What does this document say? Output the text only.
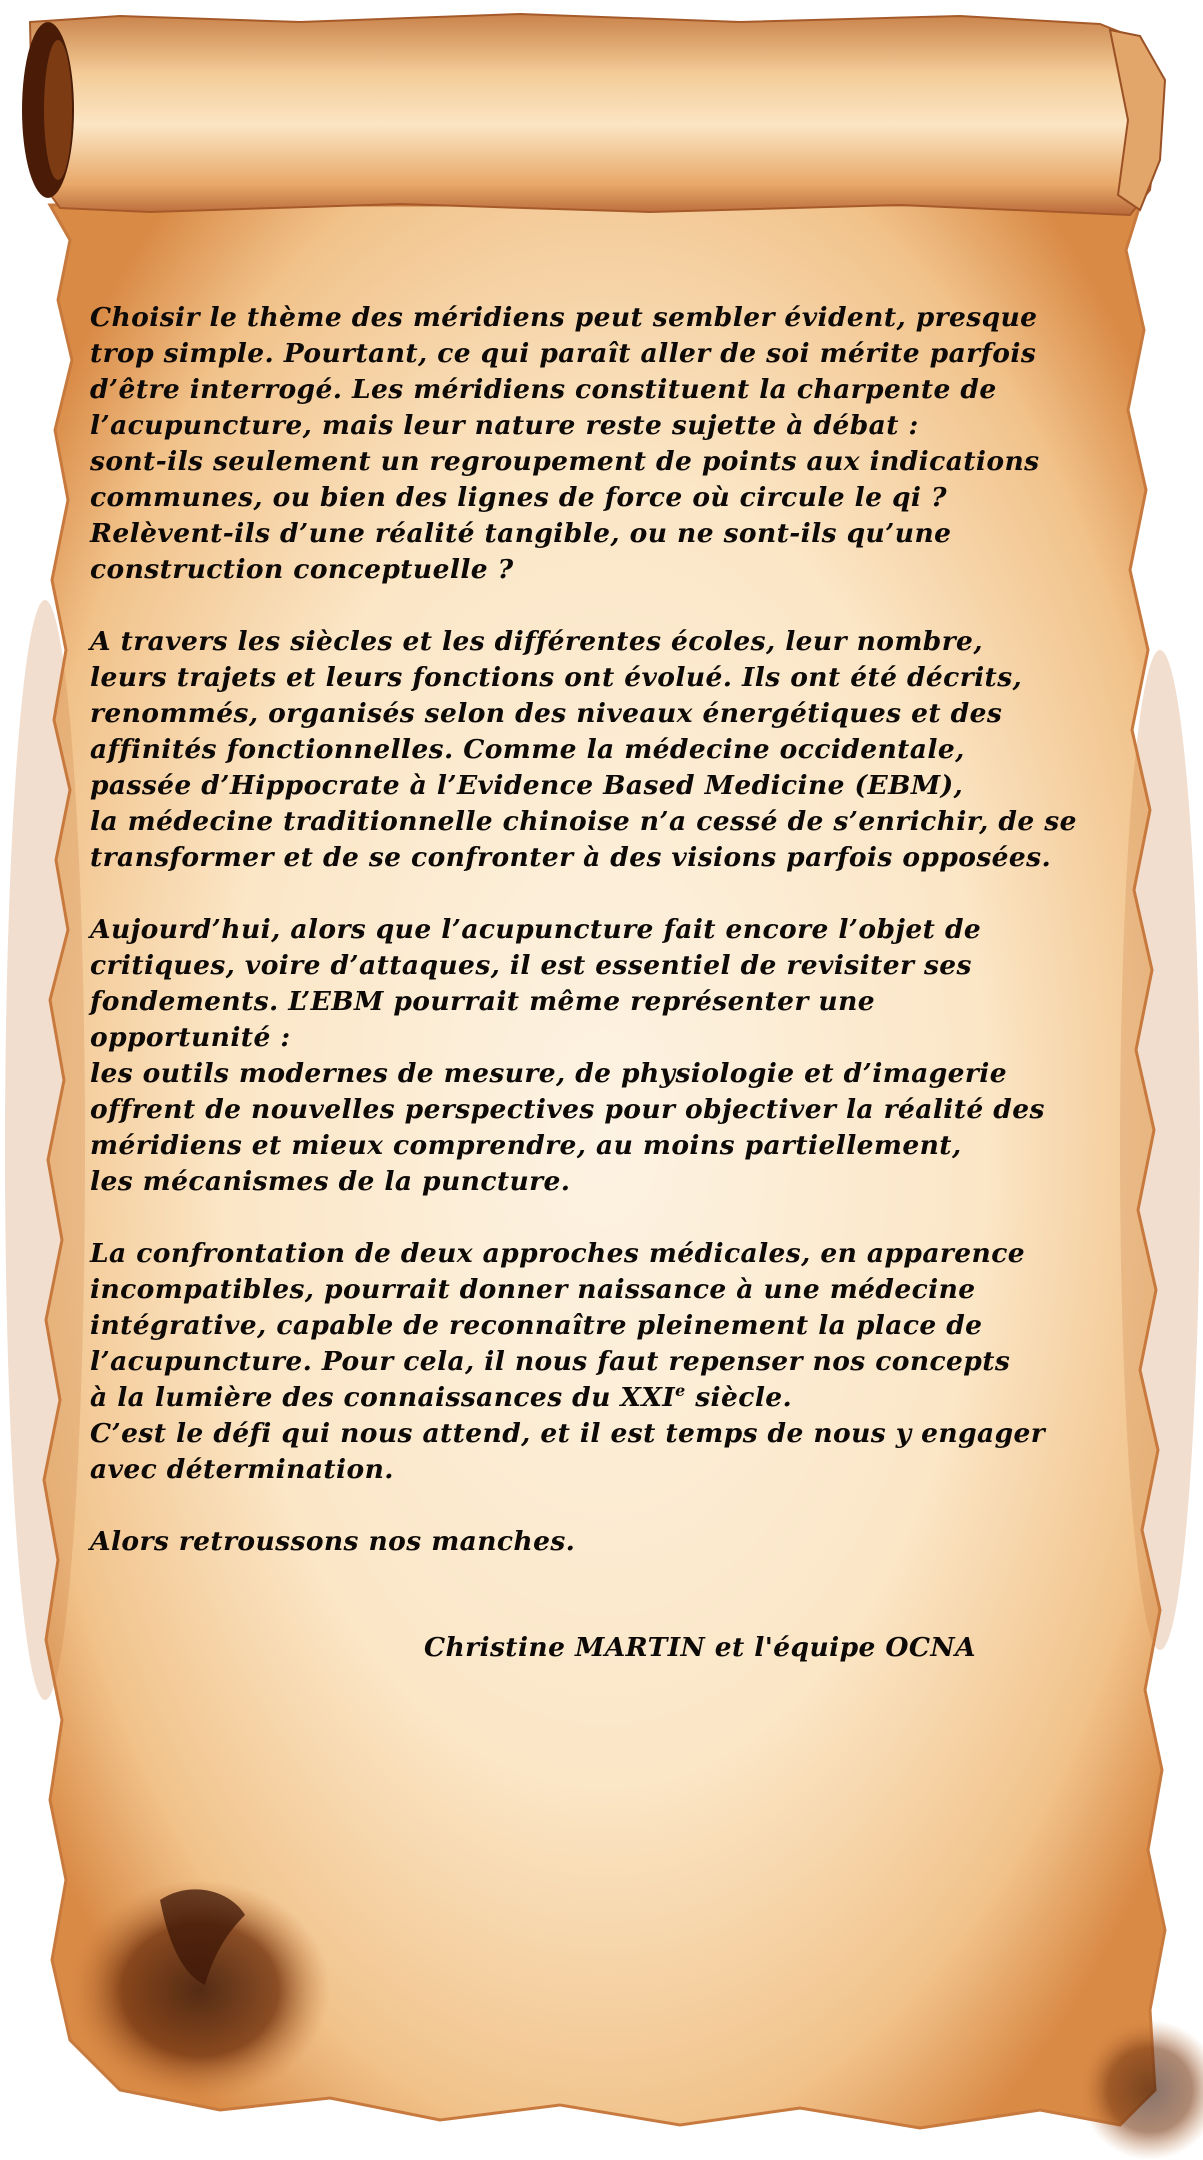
Choisir le thème des méridiens peut sembler évident, presque
trop simple. Pourtant, ce qui paraît aller de soi mérite parfois
d’être interrogé. Les méridiens constituent la charpente de
l’acupuncture, mais leur nature reste sujette à débat :
sont-ils seulement un regroupement de points aux indications
communes, ou bien des lignes de force où circule le qi ?
Relèvent-ils d’une réalité tangible, ou ne sont-ils qu’une
construction conceptuelle ?
A travers les siècles et les différentes écoles, leur nombre,
leurs trajets et leurs fonctions ont évolué. Ils ont été décrits,
renommés, organisés selon des niveaux énergétiques et des
affinités fonctionnelles. Comme la médecine occidentale,
passée d’Hippocrate à l’Evidence Based Medicine (EBM),
la médecine traditionnelle chinoise n’a cessé de s’enrichir, de se
transformer et de se confronter à des visions parfois opposées.
Aujourd’hui, alors que l’acupuncture fait encore l’objet de
critiques, voire d’attaques, il est essentiel de revisiter ses
fondements. L’EBM pourrait même représenter une
opportunité :
les outils modernes de mesure, de physiologie et d’imagerie
offrent de nouvelles perspectives pour objectiver la réalité des
méridiens et mieux comprendre, au moins partiellement,
les mécanismes de la puncture.
La confrontation de deux approches médicales, en apparence
incompatibles, pourrait donner naissance à une médecine
intégrative, capable de reconnaître pleinement la place de
l’acupuncture. Pour cela, il nous faut repenser nos concepts
à la lumière des connaissances du XXIe siècle.
C’est le défi qui nous attend, et il est temps de nous y engager
avec détermination.
Alors retroussons nos manches.
Christine MARTIN et l'équipe OCNA
